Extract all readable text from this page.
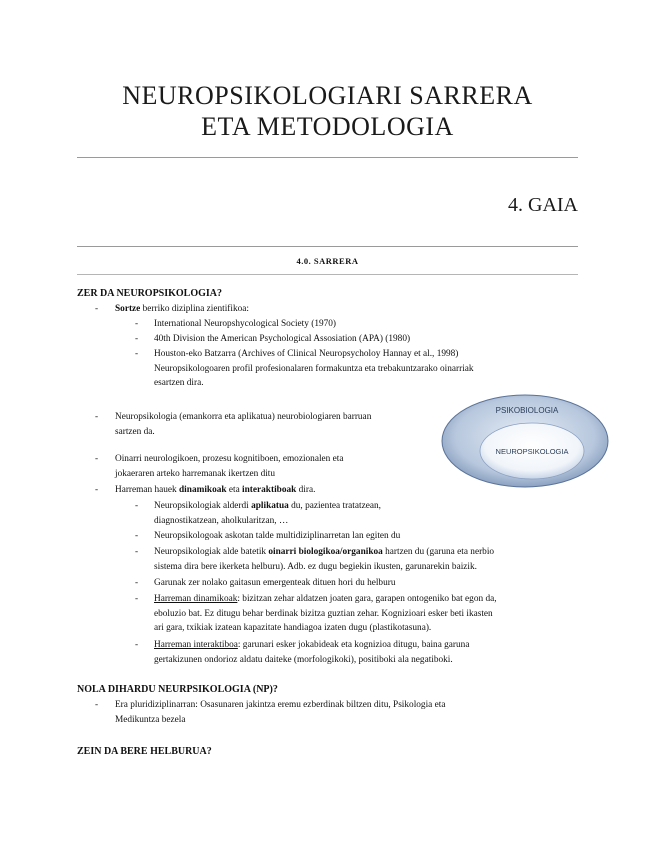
NEUROPSIKOLOGIARI SARRERA
ETA METODOLOGIA
4. GAIA
4.0. SARRERA
ZER DA NEUROPSIKOLOGIA?
- Sortze berriko diziplina zientifikoa:
- International Neuropshycological Society (1970)
- 40th Division the American Psychological Assosiation (APA) (1980)
- Houston-eko Batzarra (Archives of Clinical Neuropsycholoy Hannay et al., 1998)
Neuropsikologoaren profil profesionalaren formakuntza eta trebakuntzarako oinarriak
esartzen dira.
- Neuropsikologia (emankorra eta aplikatua) neurobiologiaren barruan
sartzen da.
- Oinarri neurologikoen, prozesu kognitiboen, emozionalen eta
jokaeraren arteko harremanak ikertzen ditu
- Harreman hauek dinamikoak eta interaktiboak dira.
- Neuropsikologiak alderdi aplikatua du, pazientea tratatzean,
diagnostikatzean, aholkularitzan, …
- Neuropsikologoak askotan talde multidiziplinarretan lan egiten du
- Neuropsikologiak alde batetik oinarri biologikoa/organikoa hartzen du (garuna eta nerbio
sistema dira bere ikerketa helburu). Adb. ez dugu begiekin ikusten, garunarekin baizik.
- Garunak zer nolako gaitasun emergenteak dituen hori du helburu
- Harreman dinamikoak: bizitzan zehar aldatzen joaten gara, garapen ontogeniko bat egon da,
eboluzio bat. Ez ditugu behar berdinak bizitza guztian zehar. Kognizioari esker beti ikasten
ari gara, txikiak izatean kapazitate handiagoa izaten dugu (plastikotasuna).
- Harreman interaktiboa: garunari esker jokabideak eta kognizioa ditugu, baina garuna
gertakizunen ondorioz aldatu daiteke (morfologikoki), positiboki ala negatiboki.
NOLA DIHARDU NEURPSIKOLOGIA (NP)?
- Era pluridiziplinarran: Osasunaren jakintza eremu ezberdinak biltzen ditu, Psikologia eta
Medikuntza bezela
ZEIN DA BERE HELBURUA?
PSIKOBIOLOGIA
NEUROPSIKOLOGIA
